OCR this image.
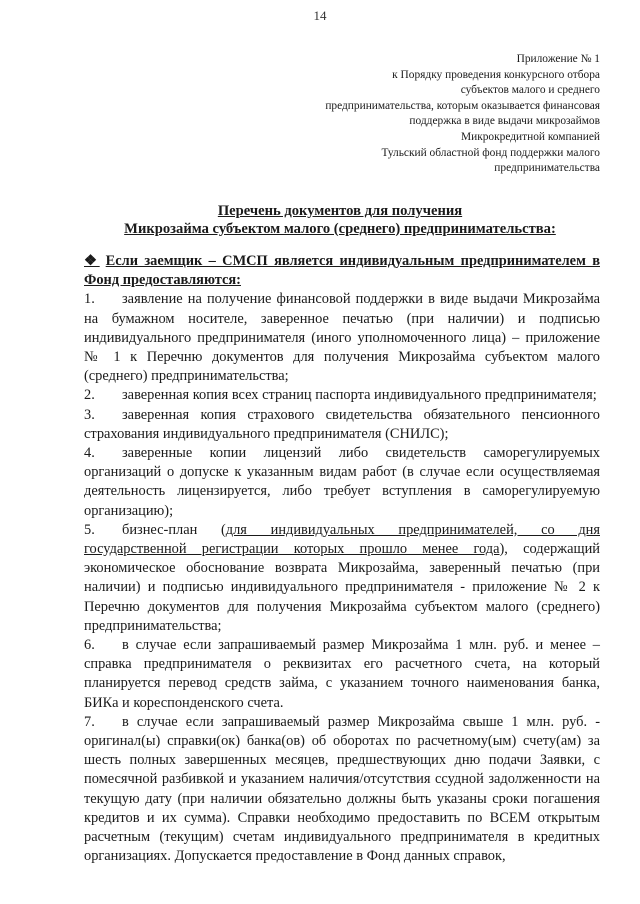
14
Приложение № 1
к Порядку проведения конкурсного отбора
субъектов малого и среднего
предпринимательства, которым оказывается финансовая
поддержка в виде выдачи микрозаймов
Микрокредитной компанией
Тульский областной фонд поддержки малого
предпринимательства
Перечень документов для получения
Микрозайма субъектом малого (среднего) предпринимательства:
❖ Если заемщик – СМСП является индивидуальным предпринимателем в Фонд предоставляются:
1. заявление на получение финансовой поддержки в виде выдачи Микрозайма на бумажном носителе, заверенное печатью (при наличии) и подписью индивидуального предпринимателя (иного уполномоченного лица) – приложение № 1 к Перечню документов для получения Микрозайма субъектом малого (среднего) предпринимательства;
2. заверенная копия всех страниц паспорта индивидуального предпринимателя;
3. заверенная копия страхового свидетельства обязательного пенсионного страхования индивидуального предпринимателя (СНИЛС);
4. заверенные копии лицензий либо свидетельств саморегулируемых организаций о допуске к указанным видам работ (в случае если осуществляемая деятельность лицензируется, либо требует вступления в саморегулируемую организацию);
5. бизнес-план (для индивидуальных предпринимателей, со дня государственной регистрации которых прошло менее года), содержащий экономическое обоснование возврата Микрозайма, заверенный печатью (при наличии) и подписью индивидуального предпринимателя - приложение № 2 к Перечню документов для получения Микрозайма субъектом малого (среднего) предпринимательства;
6. в случае если запрашиваемый размер Микрозайма 1 млн. руб. и менее – справка предпринимателя о реквизитах его расчетного счета, на который планируется перевод средств займа, с указанием точного наименования банка, БИКа и кореспонденского счета.
7. в случае если запрашиваемый размер Микрозайма свыше 1 млн. руб. - оригинал(ы) справки(ок) банка(ов) об оборотах по расчетному(ым) счету(ам) за шесть полных завершенных месяцев, предшествующих дню подачи Заявки, с помесячной разбивкой и указанием наличия/отсутствия ссудной задолженности на текущую дату (при наличии обязательно должны быть указаны сроки погашения кредитов и их сумма). Справки необходимо предоставить по ВСЕМ открытым расчетным (текущим) счетам индивидуального предпринимателя в кредитных организациях. Допускается предоставление в Фонд данных справок,
